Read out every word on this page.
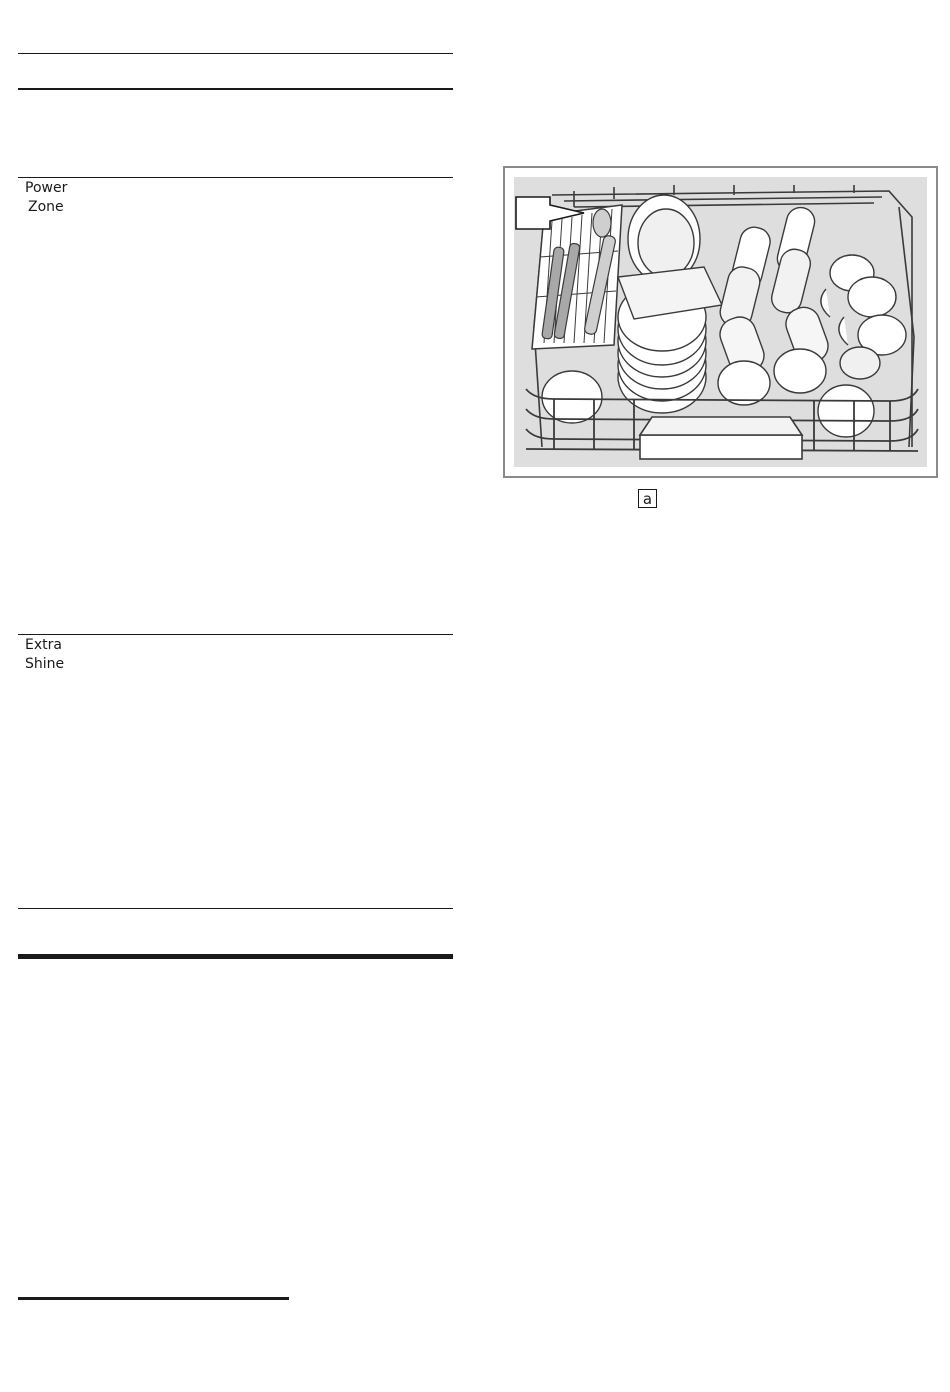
Power
Zone
Extra
Shine
a
